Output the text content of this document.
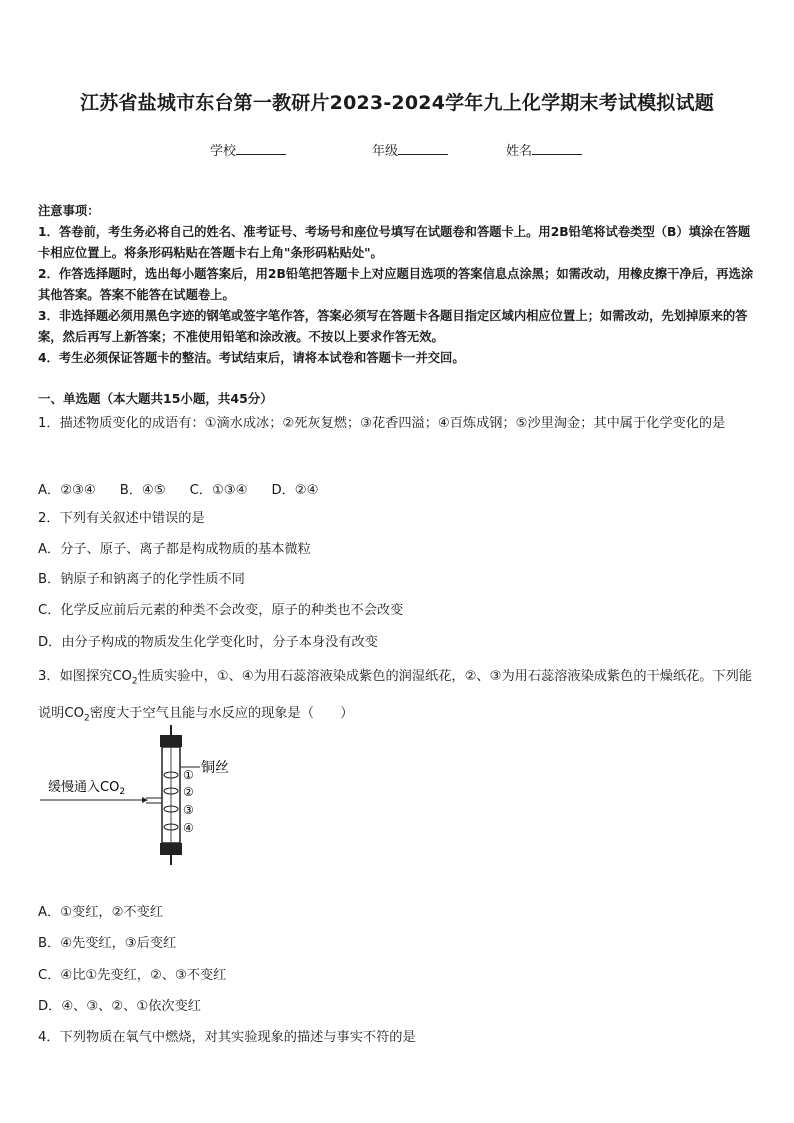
江苏省盐城市东台第一教研片2023-2024学年九上化学期末考试模拟试题
学校	年级	姓名
注意事项：
1．答卷前，考生务必将自己的姓名、准考证号、考场号和座位号填写在试题卷和答题卡上。用2B铅笔将试卷类型（B）填涂在答题卡相应位置上。将条形码粘贴在答题卡右上角"条形码粘贴处"。
2．作答选择题时，选出每小题答案后，用2B铅笔把答题卡上对应题目选项的答案信息点涂黑；如需改动，用橡皮擦干净后，再选涂其他答案。答案不能答在试题卷上。
3．非选择题必须用黑色字迹的钢笔或签字笔作答，答案必须写在答题卡各题目指定区域内相应位置上；如需改动，先划掉原来的答案，然后再写上新答案；不准使用铅笔和涂改液。不按以上要求作答无效。
4．考生必须保证答题卡的整洁。考试结束后，请将本试卷和答题卡一并交回。
一、单选题（本大题共15小题，共45分）
1．描述物质变化的成语有：①滴水成冰；②死灰复燃；③花香四溢；④百炼成钢；⑤沙里淘金；其中属于化学变化的是
A．②③④ B．④⑤ C．①③④ D．②④
2．下列有关叙述中错误的是
A．分子、原子、离子都是构成物质的基本微粒
B．钠原子和钠离子的化学性质不同
C．化学反应前后元素的种类不会改变，原子的种类也不会改变
D．由分子构成的物质发生化学变化时，分子本身没有改变
3．如图探究$CO_2$性质实验中，①、④为用石蕊溶液染成紫色的润湿纸花，②、③为用石蕊溶液染成紫色的干燥纸花。下列能说明$CO_2$密度大于空气且能与水反应的现象是（　　）
铜丝
①
②
③
④
缓慢通入$CO_2$
A．①变红，②不变红
B．④先变红，③后变红
C．④比①先变红，②、③不变红
D．④、③、②、①依次变红
4．下列物质在氧气中燃烧，对其实验现象的描述与事实不符的是
